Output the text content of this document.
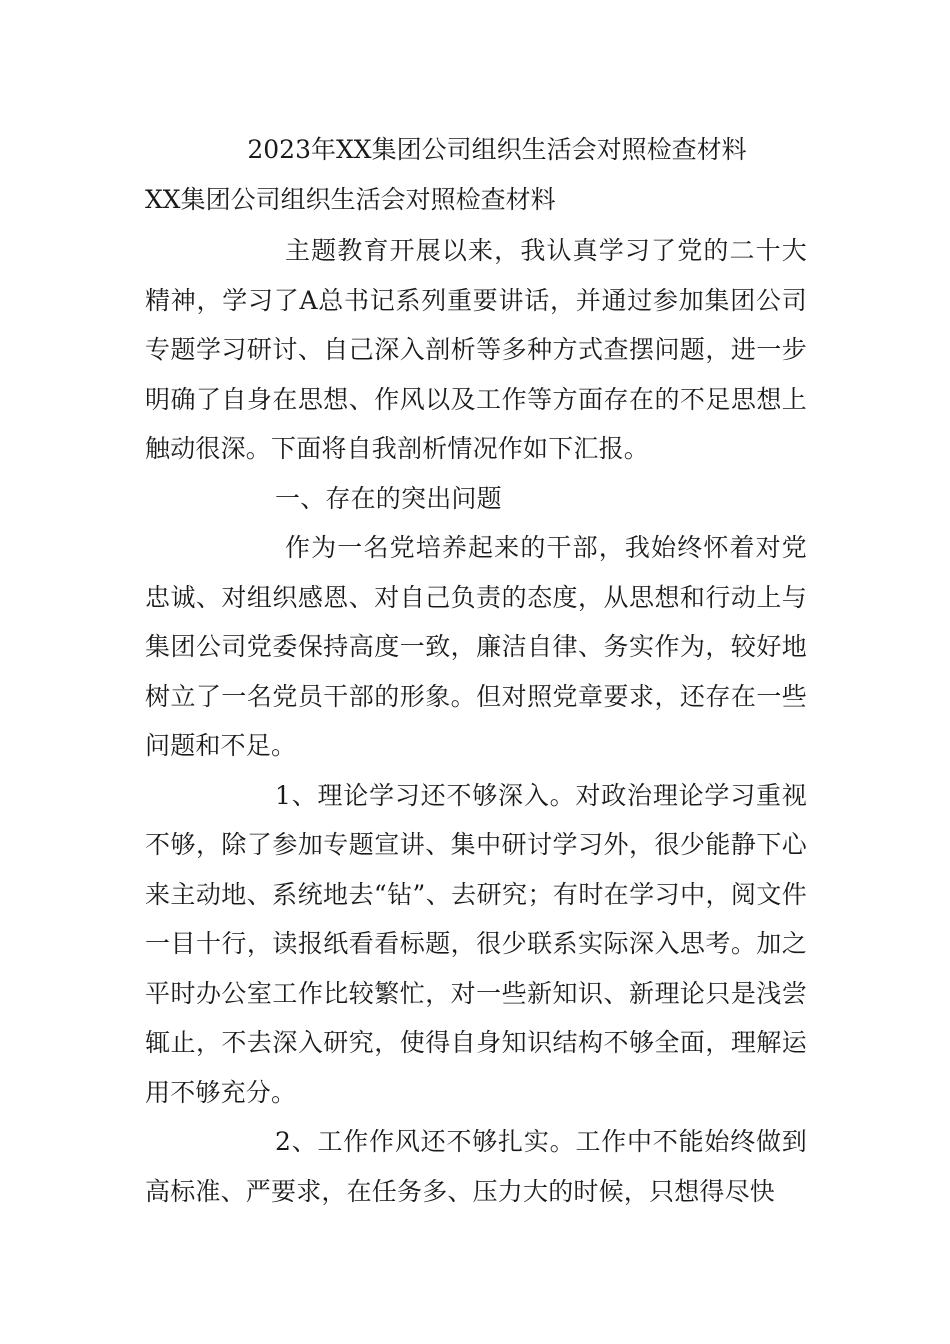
2023年XX集团公司组织生活会对照检查材料
XX集团公司组织生活会对照检查材料

主题教育开展以来，我认真学习了党的二十大精神，学习了A总书记系列重要讲话，并通过参加集团公司专题学习研讨、自己深入剖析等多种方式查摆问题，进一步明确了自身在思想、作风以及工作等方面存在的不足思想上触动很深。下面将自我剖析情况作如下汇报。

一、存在的突出问题

作为一名党培养起来的干部，我始终怀着对党忠诚、对组织感恩、对自己负责的态度，从思想和行动上与集团公司党委保持高度一致，廉洁自律、务实作为，较好地树立了一名党员干部的形象。但对照党章要求，还存在一些问题和不足。

1、理论学习还不够深入。对政治理论学习重视不够，除了参加专题宣讲、集中研讨学习外，很少能静下心来主动地、系统地去“钻”、去研究；有时在学习中，阅文件一目十行，读报纸看看标题，很少联系实际深入思考。加之平时办公室工作比较繁忙，对一些新知识、新理论只是浅尝辄止，不去深入研究，使得自身知识结构不够全面，理解运用不够充分。

2、工作作风还不够扎实。工作中不能始终做到高标准、严要求，在任务多、压力大的时候，只想得尽快
